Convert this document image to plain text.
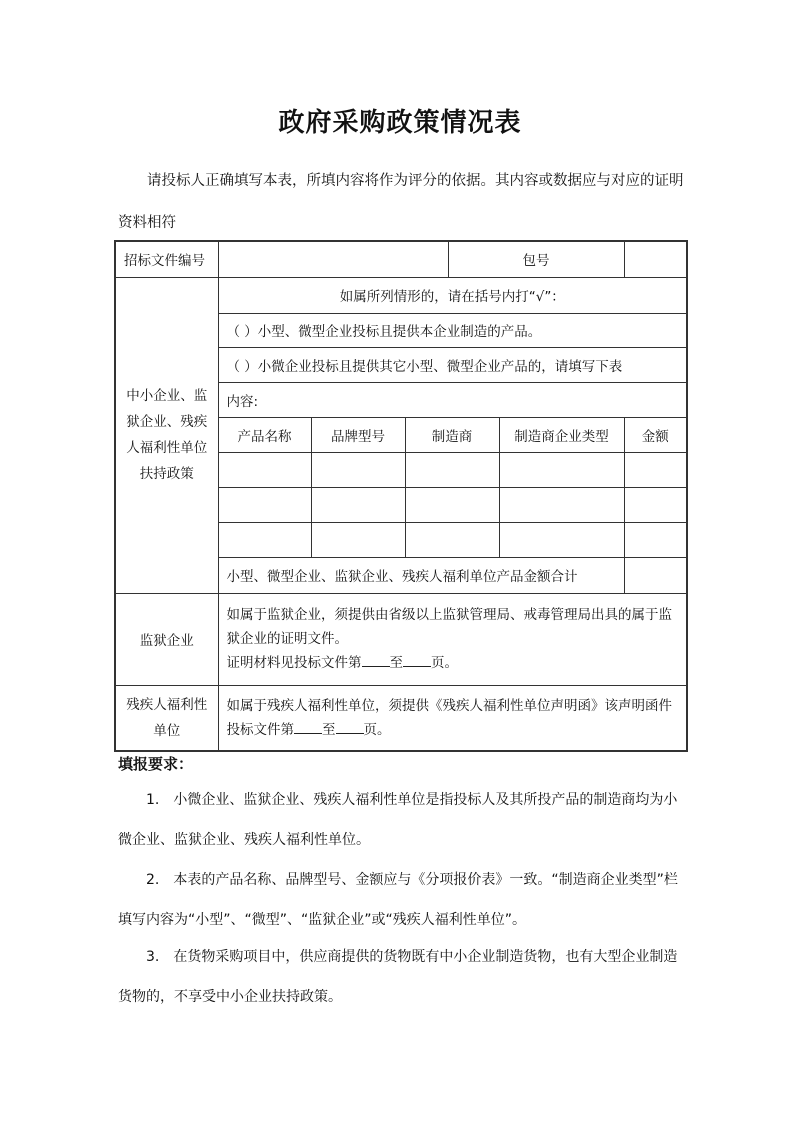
政府采购政策情况表

请投标人正确填写本表，所填内容将作为评分的依据。其内容或数据应与对应的证明资料相符

招标文件编号				包号		
中小企业、监狱企业、残疾人福利性单位扶持政策	如属所列情形的，请在括号内打“√”：					
	（ ）小型、微型企业投标且提供本企业制造的产品。					
	（ ）小微企业投标且提供其它小型、微型企业产品的，请填写下表					
	内容:					
	产品名称	品牌型号	制造商		制造商企业类型	金额

	小型、微型企业、监狱企业、残疾人福利单位产品金额合计					
监狱企业	如属于监狱企业，须提供由省级以上监狱管理局、戒毒管理局出具的属于监狱企业的证明文件。
证明材料见投标文件第 至 页。					
残疾人福利性单位	如属于残疾人福利性单位，须提供《残疾人福利性单位声明函》该声明函件投标文件第 至 页。					

填报要求：

1.　小微企业、监狱企业、残疾人福利性单位是指投标人及其所投产品的制造商均为小微企业、监狱企业、残疾人福利性单位。

2.　本表的产品名称、品牌型号、金额应与《分项报价表》一致。“制造商企业类型”栏填写内容为“小型”、“微型”、“监狱企业”或“残疾人福利性单位”。

3.　在货物采购项目中，供应商提供的货物既有中小企业制造货物，也有大型企业制造货物的，不享受中小企业扶持政策。
